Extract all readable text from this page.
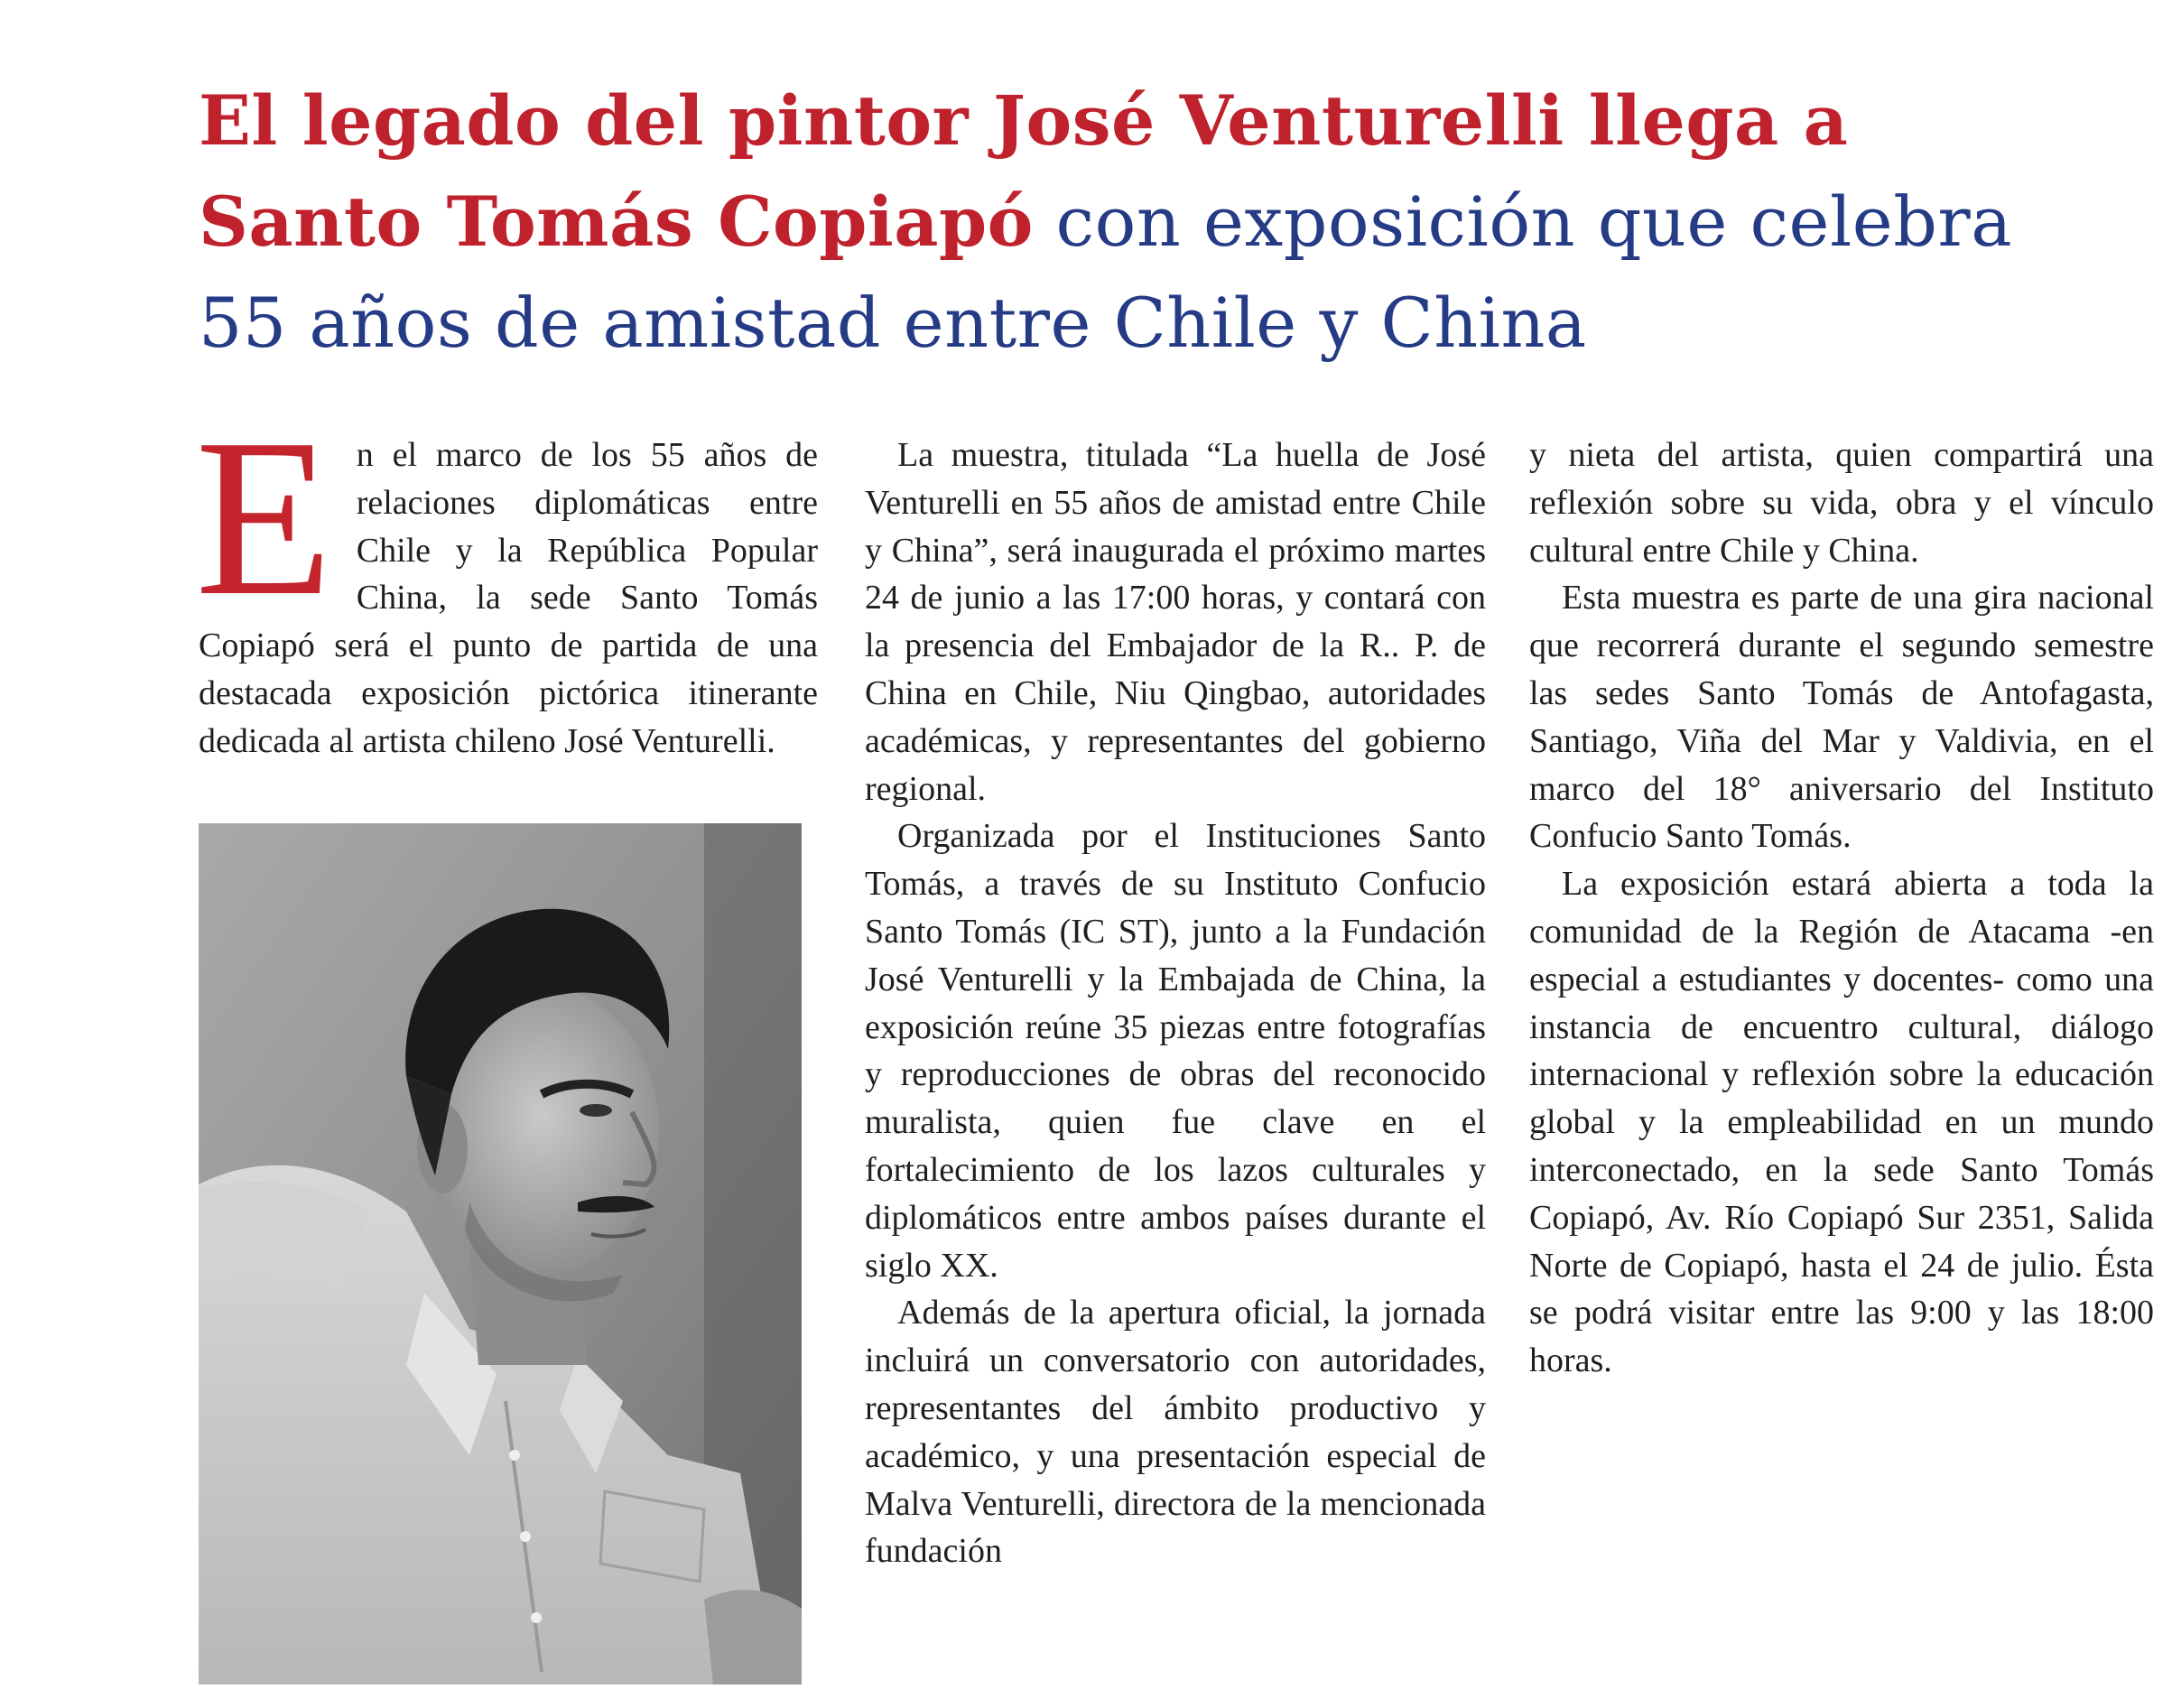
El legado del pintor José Venturelli llega a Santo Tomás Copiapó con exposición que celebra 55 años de amistad entre Chile y China

En el marco de los 55 años de relaciones diplomáticas entre Chile y la República Popular China, la sede Santo Tomás Copiapó será el punto de partida de una destacada exposición pictórica itinerante dedicada al artista chileno José Venturelli.

La muestra, titulada “La huella de José Venturelli en 55 años de amistad entre Chile y China”, será inaugurada el próximo martes 24 de junio a las 17:00 horas, y contará con la presencia del Embajador de la R.. P. de China en Chile, Niu Qingbao, autoridades académicas, y representantes del gobierno regional.

Organizada por el Instituciones Santo Tomás, a través de su Instituto Confucio Santo Tomás (IC ST), junto a la Fundación José Venturelli y la Embajada de China, la exposición reúne 35 piezas entre fotografías y reproducciones de obras del reconocido muralista, quien fue clave en el fortalecimiento de los lazos culturales y diplomáticos entre ambos países durante el siglo XX.

Además de la apertura oficial, la jornada incluirá un conversatorio con autoridades, representantes del ámbito productivo y académico, y una presentación especial de Malva Venturelli, directora de la mencionada fundación

y nieta del artista, quien compartirá una reflexión sobre su vida, obra y el vínculo cultural entre Chile y China.

Esta muestra es parte de una gira nacional que recorrerá durante el segundo semestre las sedes Santo Tomás de Antofagasta, Santiago, Viña del Mar y Valdivia, en el marco del 18° aniversario del Instituto Confucio Santo Tomás.

La exposición estará abierta a toda la comunidad de la Región de Atacama -en especial a estudiantes y docentes- como una instancia de encuentro cultural, diálogo internacional y reflexión sobre la educación global y la empleabilidad en un mundo interconectado, en la sede Santo Tomás Copiapó, Av. Río Copiapó Sur 2351, Salida Norte de Copiapó, hasta el 24 de julio. Ésta se podrá visitar entre las 9:00 y las 18:00 horas.
